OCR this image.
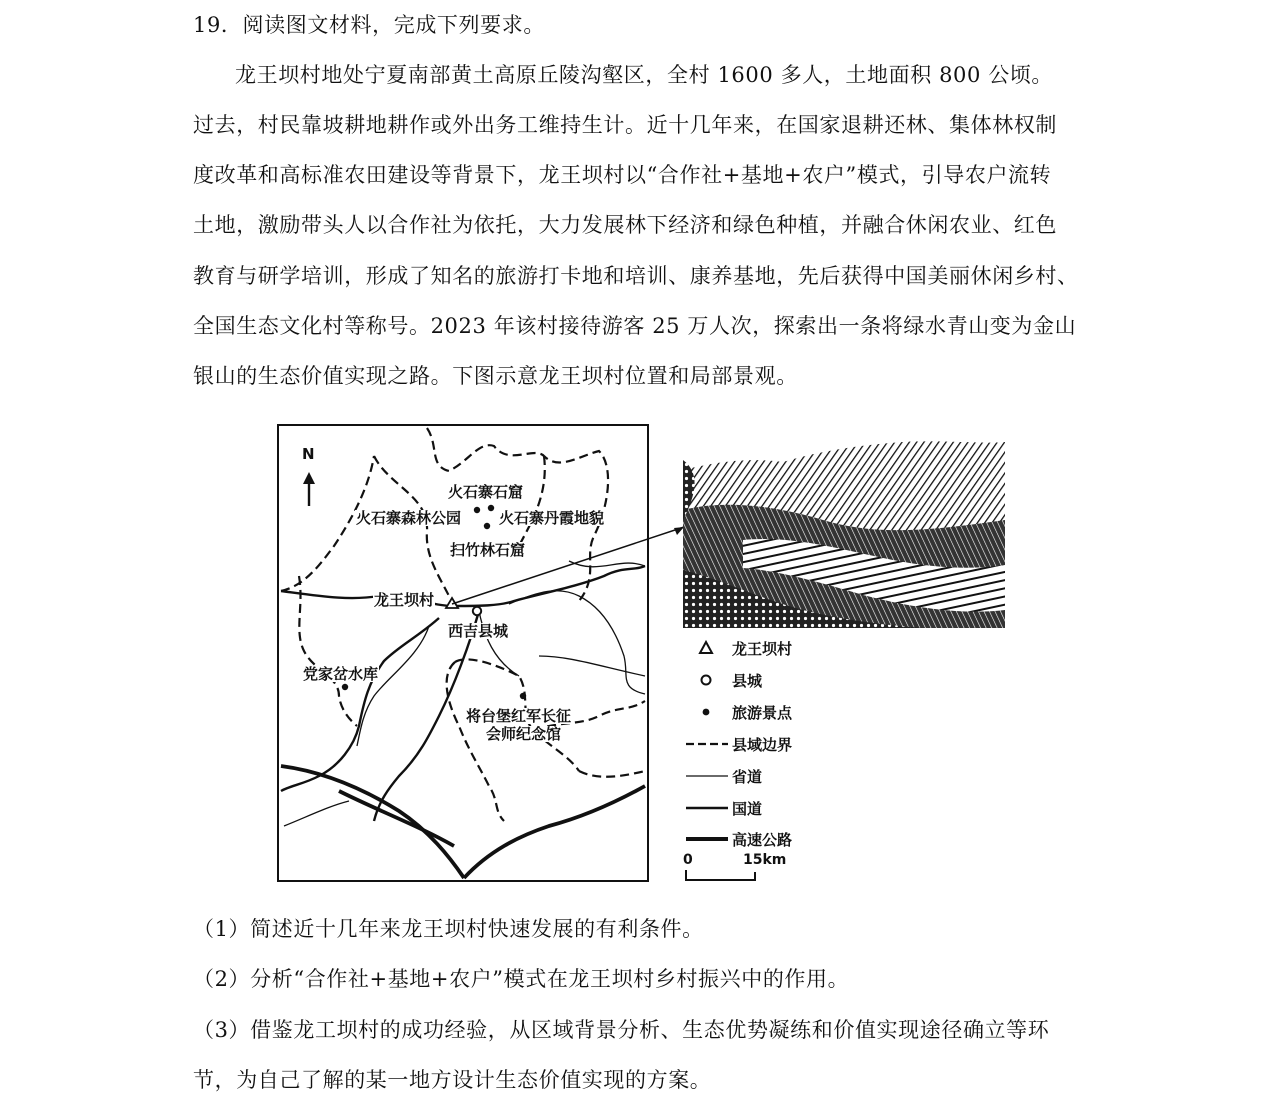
19．阅读图文材料，完成下列要求。
龙王坝村地处宁夏南部黄土高原丘陵沟壑区，全村 1600 多人，土地面积 800 公顷。
过去，村民靠坡耕地耕作或外出务工维持生计。近十几年来，在国家退耕还林、集体林权制
度改革和高标准农田建设等背景下，龙王坝村以“合作社+基地+农户”模式，引导农户流转
土地，激励带头人以合作社为依托，大力发展林下经济和绿色种植，并融合休闲农业、红色
教育与研学培训，形成了知名的旅游打卡地和培训、康养基地，先后获得中国美丽休闲乡村、
全国生态文化村等称号。2023 年该村接待游客 25 万人次，探索出一条将绿水青山变为金山
银山的生态价值实现之路。下图示意龙王坝村位置和局部景观。
N
火石寨石窟
火石寨森林公园	火石寨丹霞地貌
扫竹林石窟
龙王坝村
西吉县城
党家岔水库
将台堡红军长征
会师纪念馆
龙王坝村
县城
旅游景点
县域边界
省道
国道
高速公路
0	15km
（1）简述近十几年来龙王坝村快速发展的有利条件。
（2）分析“合作社+基地+农户”模式在龙王坝村乡村振兴中的作用。
（3）借鉴龙工坝村的成功经验，从区域背景分析、生态优势凝练和价值实现途径确立等环
节，为自己了解的某一地方设计生态价值实现的方案。
